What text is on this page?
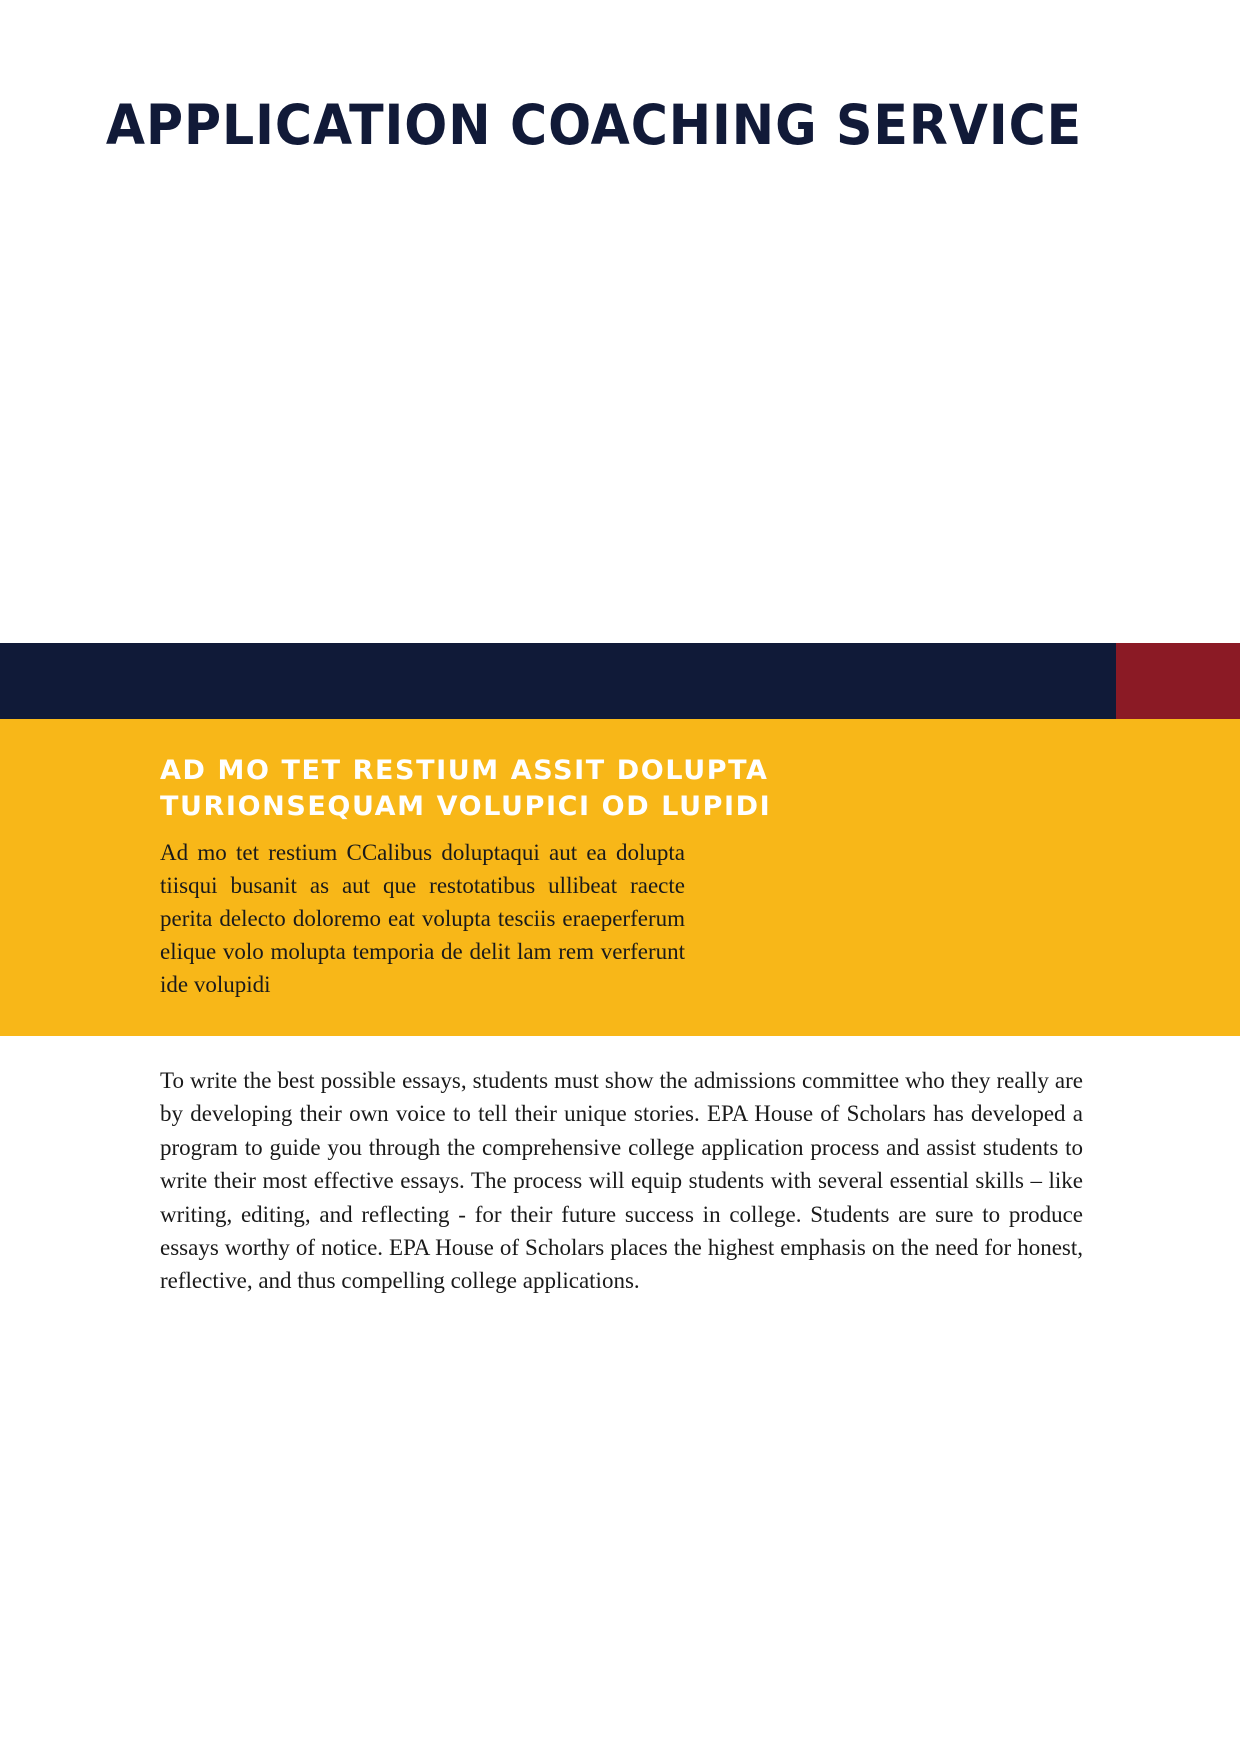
APPLICATION COACHING SERVICE
AD MO TET RESTIUM ASSIT DOLUPTA TURIONSEQUAM VOLUPICI OD LUPIDI

Ad mo tet restium CCalibus doluptaqui aut ea dolupta tiisqui busanit as aut que restotatibus ullibeat raecte perita delecto doloremo eat volupta tesciis eraeperferum elique volo molupta temporia de delit lam rem verferunt ide volupidi

To write the best possible essays, students must show the admissions committee who they really are by developing their own voice to tell their unique stories. EPA House of Scholars has developed a program to guide you through the comprehensive college application process and assist students to write their most effective essays. The process will equip students with several essential skills – like writing, editing, and reflecting - for their future success in college. Students are sure to produce essays worthy of notice. EPA House of Scholars places the highest emphasis on the need for honest, reflective, and thus compelling college applications.
